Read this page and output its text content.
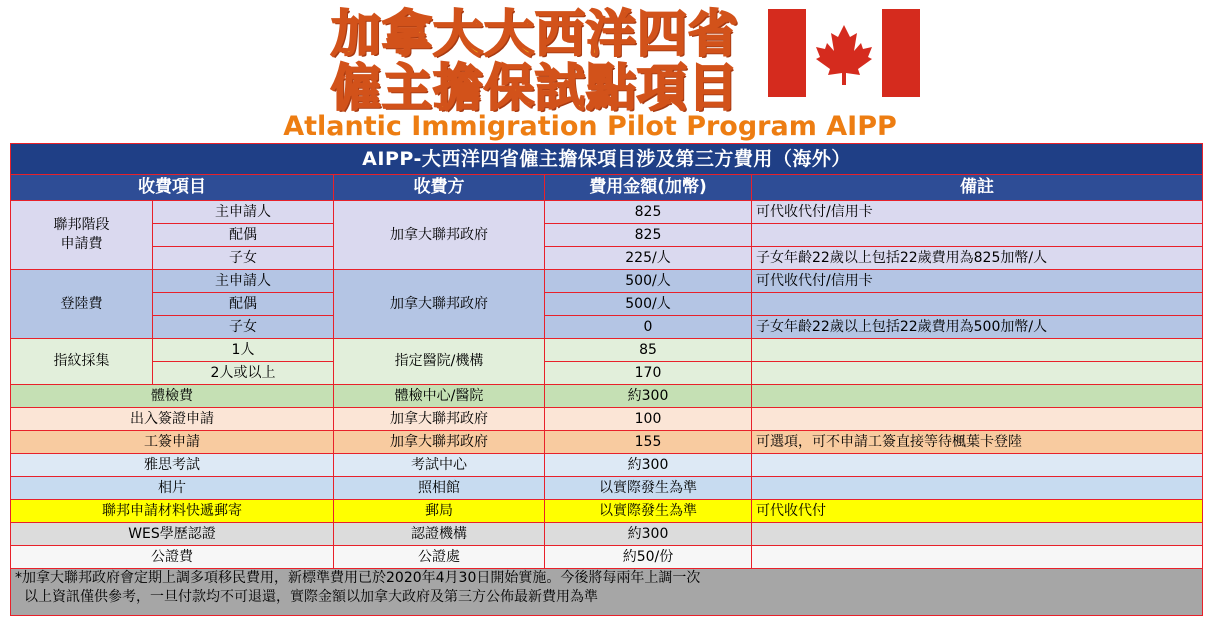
加拿大大西洋四省
僱主擔保試點項目
Atlantic Immigration Pilot Program AIPP
AIPP-大西洋四省僱主擔保項目涉及第三方費用（海外）				
收費項目		收費方	費用金額(加幣)	備註
聯邦階段
申請費	主申請人	加拿大聯邦政府	825	可代收代付/信用卡
	配偶		825	
	子女		225/人	子女年齡22歲以上包括22歲費用為825加幣/人
登陸費	主申請人	加拿大聯邦政府	500/人	可代收代付/信用卡
	配偶		500/人	
	子女		0	子女年齡22歲以上包括22歲費用為500加幣/人
指紋採集	1人	指定醫院/機構	85	
	2人或以上		170	
體檢費		體檢中心/醫院	約300	
出入簽證申請		加拿大聯邦政府	100	
工簽申請		加拿大聯邦政府	155	可選項，可不申請工簽直接等待楓葉卡登陸
雅思考試		考試中心	約300	
相片		照相館	以實際發生為準	
聯邦申請材料快遞郵寄		郵局	以實際發生為準	可代收代付
WES學歷認證		認證機構	約300	
公證費		公證處	約50/份	

*加拿大聯邦政府會定期上調多項移民費用，新標準費用已於2020年4月30日開始實施。今後將每兩年上調一次
以上資訊僅供參考，一旦付款均不可退還，實際金額以加拿大政府及第三方公佈最新費用為準				
